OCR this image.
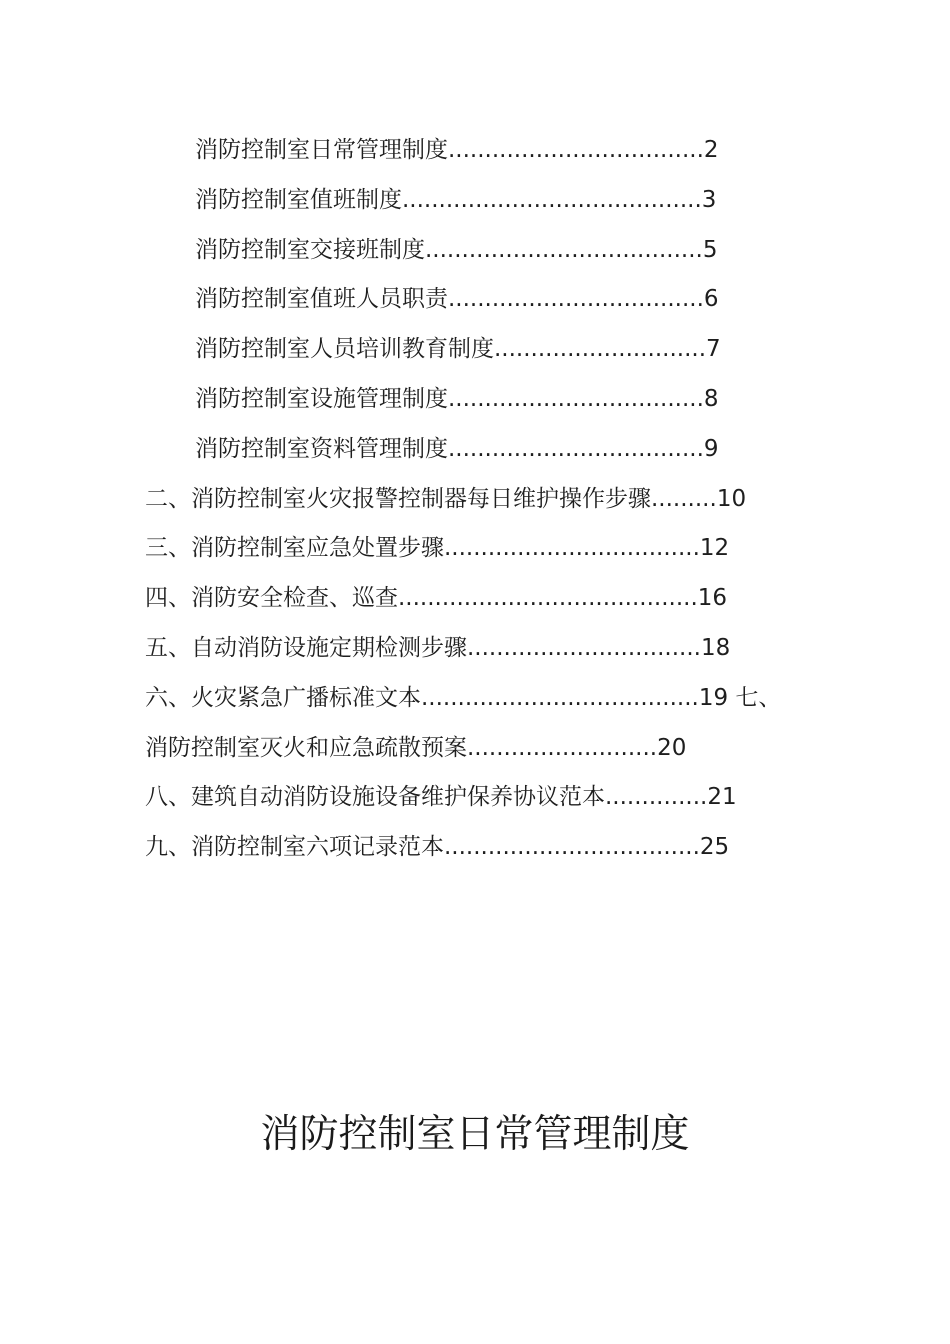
消防控制室日常管理制度...................................2
消防控制室值班制度.........................................3
消防控制室交接班制度......................................5
消防控制室值班人员职责...................................6
消防控制室人员培训教育制度.............................7
消防控制室设施管理制度...................................8
消防控制室资料管理制度...................................9
二、消防控制室火灾报警控制器每日维护操作步骤.........10
三、消防控制室应急处置步骤...................................12
四、消防安全检查、巡查.........................................16
五、自动消防设施定期检测步骤................................18
六、火灾紧急广播标准文本......................................19 七、
消防控制室灭火和应急疏散预案..........................20
八、建筑自动消防设施设备维护保养协议范本..............21
九、消防控制室六项记录范本...................................25
消防控制室日常管理制度
